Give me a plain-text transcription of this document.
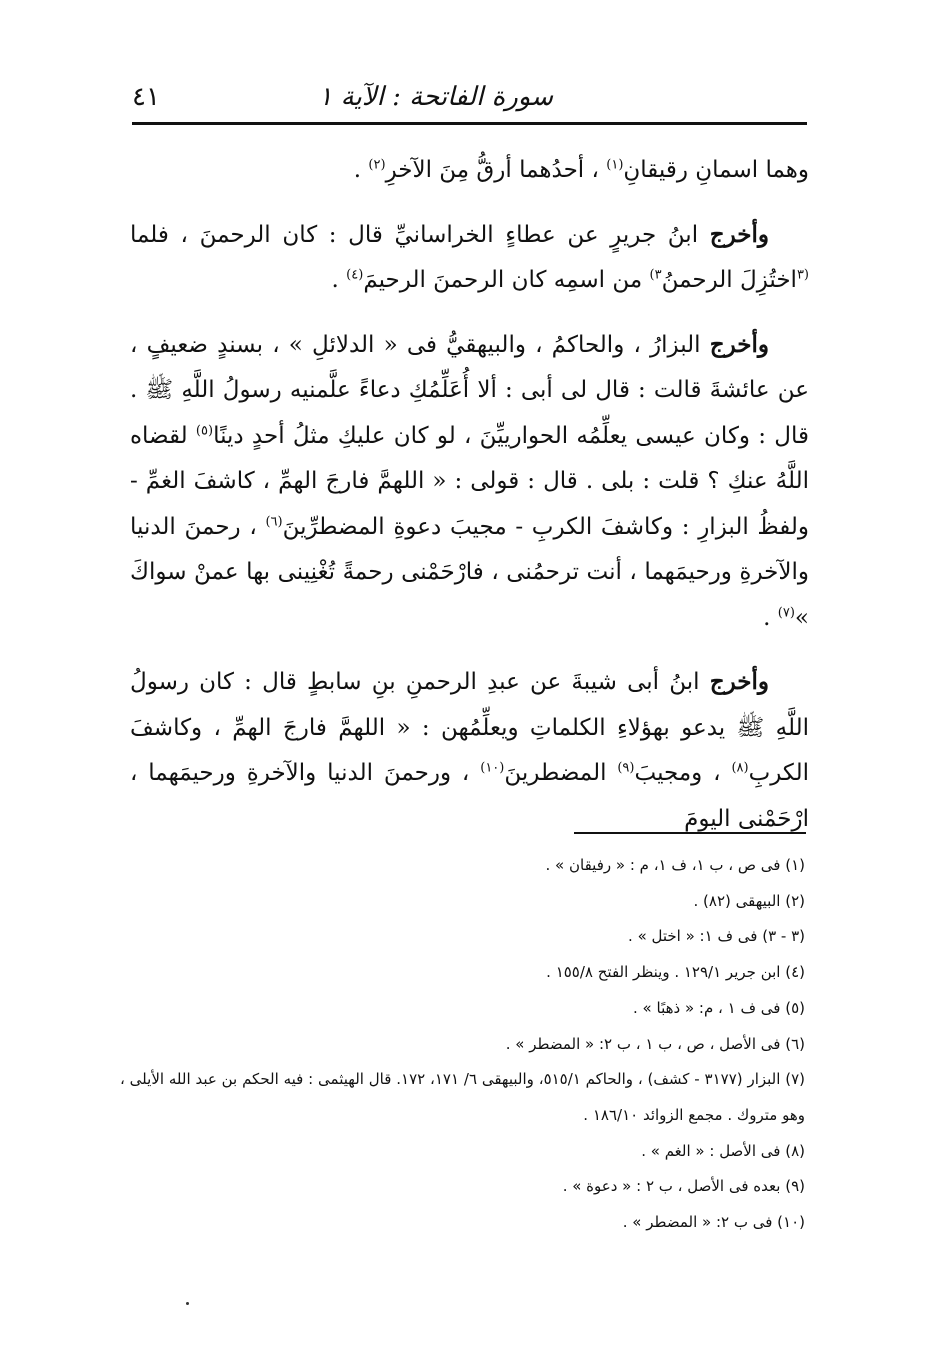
سورة الفاتحة : الآية ١
٤١

وهما اسمانِ رقيقانِ$^{(١)}$ ، أحدُهما أرقُّ مِنَ الآخرِ$^{(٢)}$ .

وأخرج ابنُ جريرٍ عن عطاءٍ الخراسانيِّ قال : كان الرحمنَ ، فلما $^{(٣}$اختُزِلَ الرحمنُ$^{٣)}$ من اسمِه كان الرحمنَ الرحيمَ$^{(٤)}$ .

وأخرج البزارُ ، والحاكمُ ، والبيهقيُّ فى « الدلائلِ » ، بسندٍ ضعيفٍ ، عن عائشةَ قالت : قال لى أبى : ألا أُعَلِّمُكِ دعاءً علَّمنيه رسولُ اللَّهِ ﷺ . قال : وكان عيسى يعلِّمُه الحوارييِّنَ ، لو كان عليكِ مثلُ أحدٍ دينًا$^{(٥)}$ لقضاه اللَّهُ عنكِ ؟ قلت : بلى . قال : قولى : « اللهمَّ فارجَ الهمِّ ، كاشفَ الغمِّ - ولفظُ البزارِ : وكاشفَ الكربِ - مجيبَ دعوةِ المضطرِّينَ$^{(٦)}$ ، رحمنَ الدنيا والآخرةِ ورحيمَهما ، أنت ترحمُنى ، فارْحَمْنى رحمةً تُغْنِينى بها عمنْ سواكَ »$^{(٧)}$ .

وأخرج ابنُ أبى شيبةَ عن عبدِ الرحمنِ بنِ سابطٍ قال : كان رسولُ اللَّهِ ﷺ يدعو بهؤلاءِ الكلماتِ ويعلِّمُهن : « اللهمَّ فارجَ الهمِّ ، وكاشفَ الكربِ$^{(٨)}$ ، ومجيبَ$^{(٩)}$ المضطرينَ$^{(١٠)}$ ، ورحمنَ الدنيا والآخرةِ ورحيمَهما ، ارْحَمْنى اليومَ

(١) فى ص ، ب ١، ف ١، م : « رفيقان » .
(٢) البيهقى (٨٢) .
(٣ - ٣) فى ف ١: « اختل » .
(٤) ابن جرير ١٢٩/١ . وينظر الفتح ١٥٥/٨ .
(٥) فى ف ١ ، م: « ذهبًا » .
(٦) فى الأصل ، ص ، ب ١ ، ب ٢: « المضطر » .
(٧) البزار (٣١٧٧ - كشف) ، والحاكم ٥١٥/١، والبيهقى ٦/ ١٧١، ١٧٢. قال الهيثمى : فيه الحكم بن عبد الله الأيلى ، وهو متروك . مجمع الزوائد ١٨٦/١٠ .
(٨) فى الأصل : « الغم » .
(٩) بعده فى الأصل ، ب ٢ : « دعوة » .
(١٠) فى ب ٢: « المضطر » .
